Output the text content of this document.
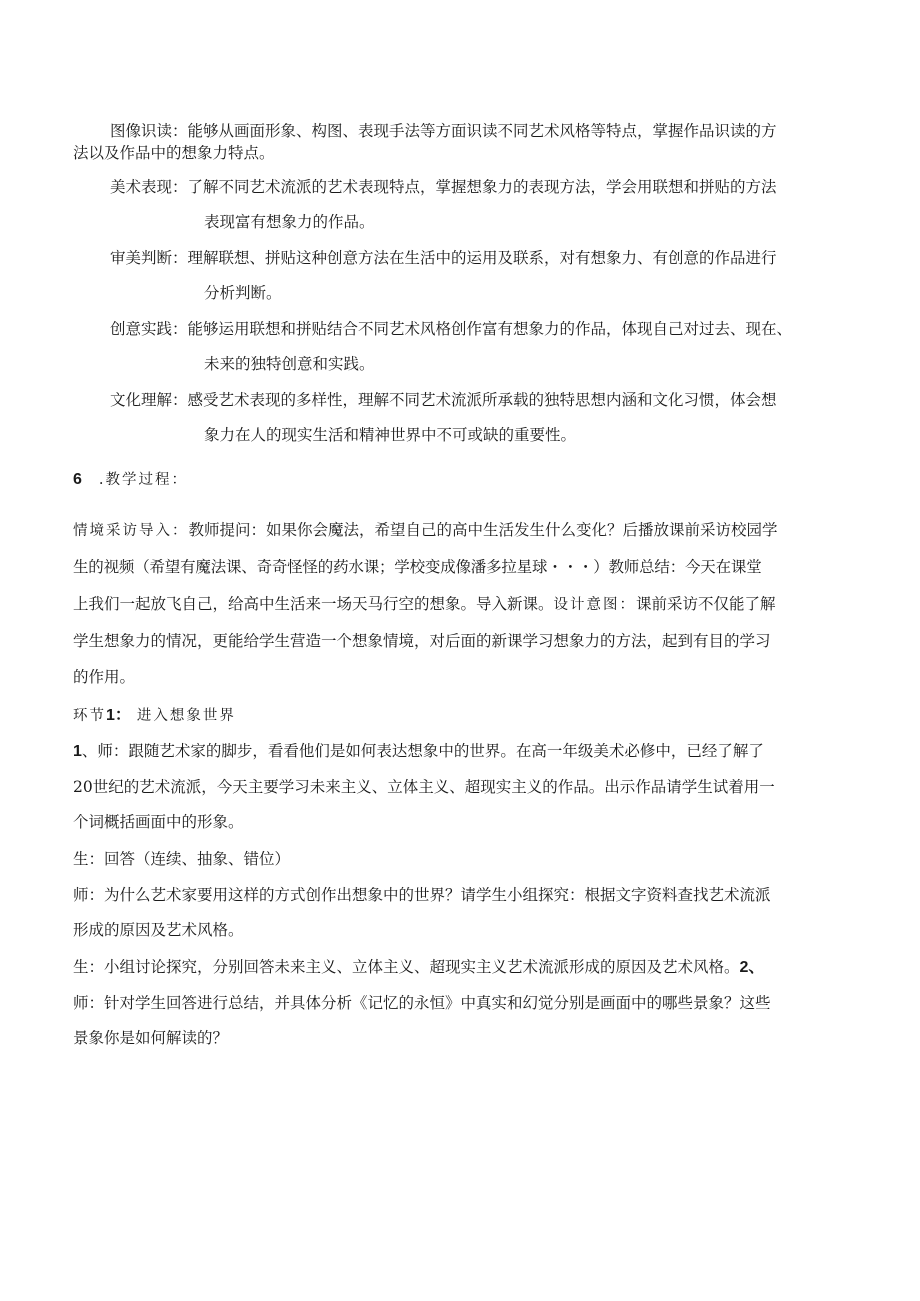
图像识读：能够从画面形象、构图、表现手法等方面识读不同艺术风格等特点，掌握作品识读的方
法以及作品中的想象力特点。
美术表现：了解不同艺术流派的艺术表现特点，掌握想象力的表现方法，学会用联想和拼贴的方法
表现富有想象力的作品。
审美判断：理解联想、拼贴这种创意方法在生活中的运用及联系，对有想象力、有创意的作品进行
分析判断。
创意实践：能够运用联想和拼贴结合不同艺术风格创作富有想象力的作品，体现自己对过去、现在、
未来的独特创意和实践。
文化理解：感受艺术表现的多样性，理解不同艺术流派所承载的独特思想内涵和文化习惯，体会想
象力在人的现实生活和精神世界中不可或缺的重要性。
6 .教学过程：
情境采访导入：教师提问：如果你会魔法，希望自己的高中生活发生什么变化？后播放课前采访校园学
生的视频（希望有魔法课、奇奇怪怪的药水课；学校变成像潘多拉星球・・・）教师总结：今天在课堂
上我们一起放飞自己，给高中生活来一场天马行空的想象。导入新课。设计意图：课前采访不仅能了解
学生想象力的情况，更能给学生营造一个想象情境，对后面的新课学习想象力的方法，起到有目的学习
的作用。
环节1： 进入想象世界
1、师：跟随艺术家的脚步，看看他们是如何表达想象中的世界。在高一年级美术必修中，已经了解了
20世纪的艺术流派，今天主要学习未来主义、立体主义、超现实主义的作品。出示作品请学生试着用一
个词概括画面中的形象。
生：回答（连续、抽象、错位）
师：为什么艺术家要用这样的方式创作出想象中的世界？请学生小组探究：根据文字资料查找艺术流派
形成的原因及艺术风格。
生：小组讨论探究，分别回答未来主义、立体主义、超现实主义艺术流派形成的原因及艺术风格。2、
师：针对学生回答进行总结，并具体分析《记忆的永恒》中真实和幻觉分别是画面中的哪些景象？这些
景象你是如何解读的？
